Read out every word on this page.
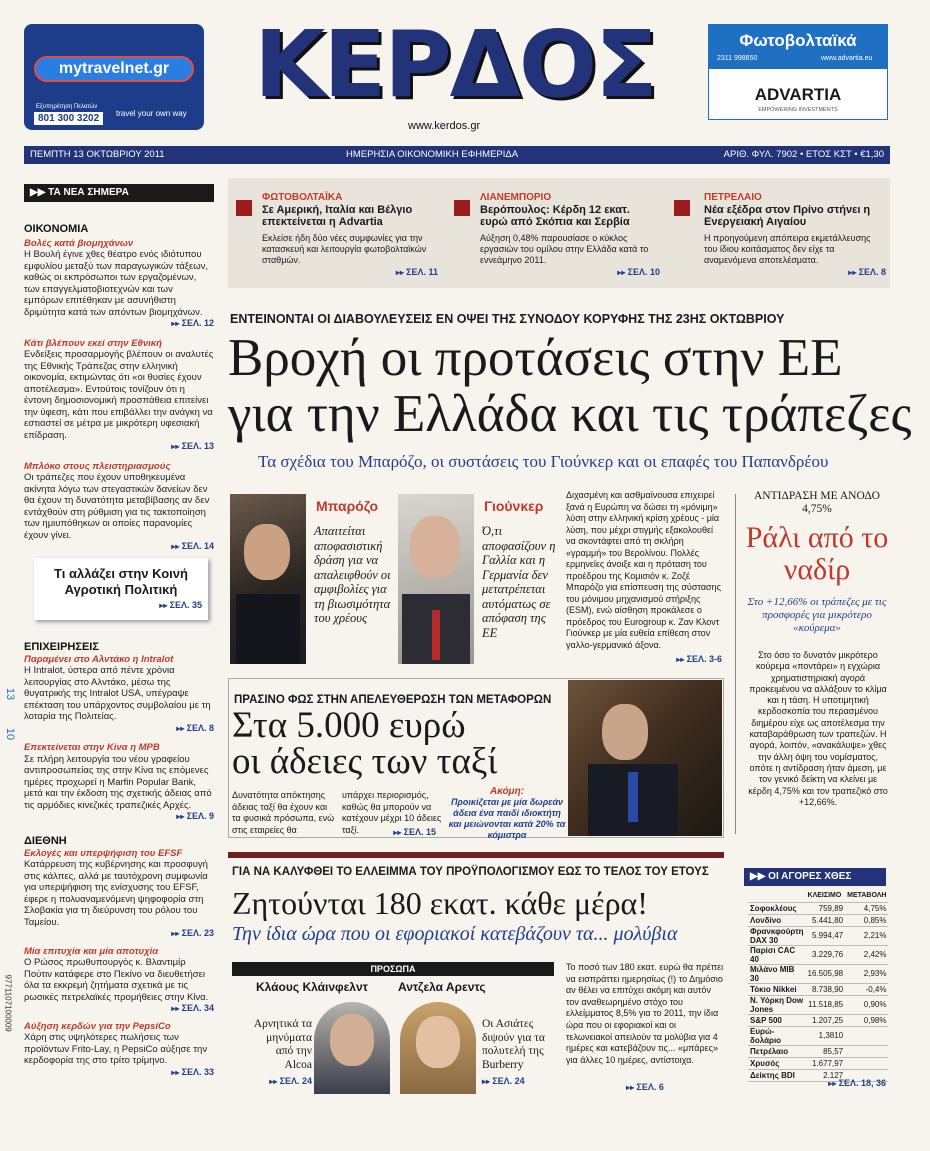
mytravelnet.gr
Εξυπηρέτηση Πελατών
801 300 3202	travel your own way ΚΕΡΔΟΣ
www.kerdos.gr
Φωτοβολταϊκά
2311 998650	www.advartia.eu
ADVARTIA
EMPOWERING INVESTMENTS
ΠΕΜΠΤΗ 13 ΟΚΤΩΒΡΙΟΥ 2011	ΗΜΕΡΗΣΙΑ ΟΙΚΟΝΟΜΙΚΗ ΕΦΗΜΕΡΙΔΑ	ΑΡΙΘ. ΦΥΛ. 7902 • ΕΤΟΣ ΚΣΤ • €1,30
13
10
9771107100009
▶▶ ΤΑ ΝΕΑ ΣΗΜΕΡΑ
ΟΙΚΟΝΟΜΙΑ
Βολές κατά βιομηχάνων
Η Βουλή έγινε χθες θέατρο ενός ιδιότυπου εμφυλίου μεταξύ των παραγωγικών τάξεων, καθώς οι εκπρόσωποι των εργαζομένων, των επαγγελματοβιοτεχνών και των εμπόρων επιτέθηκαν με ασυνήθιστη δριμύτητα κατά των απόντων βιομηχάνων.
▸▸ ΣΕΛ. 12
Κάτι βλέπουν εκεί στην Εθνική
Ενδείξεις προσαρμογής βλέπουν οι αναλυτές της Εθνικής Τράπεζας στην ελληνική οικονομία, εκτιμώντας ότι «οι θυσίες έχουν αποτέλεσμα». Εντούτοις τονίζουν ότι η έντονη δημοσιονομική προσπάθεια επιτείνει την ύφεση, κάτι που επιβάλλει την ανάγκη να εστιαστεί σε μέτρα με μικρότερη υφεσιακή επίδραση.
▸▸ ΣΕΛ. 13
Μπλόκο στους πλειστηριασμούς
Οι τράπεζες που έχουν υποθηκευμένα ακίνητα λόγω των στεγαστικών δανείων δεν θα έχουν τη δυνατότητα μεταβίβασης αν δεν εντάχθούν στη ρύθμιση για τις τακτοποίηση των ημιυπόθηκων οι οποίες παρανομίες έχουν γίνει.
▸▸ ΣΕΛ. 14
Τι αλλάζει στην Κοινή Αγροτική Πολιτική
▸▸ ΣΕΛ. 35
ΕΠΙΧΕΙΡΗΣΕΙΣ
Παραμένει στο Αλντάκο η Intralot
Η Intralot, ύστερα από πέντε χρόνια λειτουργίας στο Αλντάκο, μέσω της θυγατρικής της Intralot USA, υπέγραψε επέκταση του υπάρχοντος συμβολαίου με τη λοταρία της Πολιτείας.
▸▸ ΣΕΛ. 8
Επεκτείνεται στην Κίνα η MPB
Σε πλήρη λειτουργία του νέου γραφείου αντιπροσωπείας της στην Κίνα τις επόμενες ημέρες προχωρεί η Marfin Popular Bank, μετά και την έκδοση της σχετικής άδειας από τις αρμόδιες κινεζικές τραπεζικές Αρχές.
▸▸ ΣΕΛ. 9
ΔΙΕΘΝΗ
Εκλογές και υπερψήφιση του EFSF
Κατάρρευση της κυβέρνησης και προσφυγή στις κάλπες, αλλά με ταυτόχρονη συμφωνία για υπερψήφιση της ενίσχυσης του EFSF, έφερε η πολυαναμενόμενη ψηφοφορία στη Σλοβακία για τη διεύρυνση του ρόλου του Ταμείου.
▸▸ ΣΕΛ. 23
Μία επιτυχία και μία αποτυχία
Ο Ρώσος πρωθυπουργός κ. Βλαντιμίρ Πούτιν κατάφερε στο Πεκίνο να διευθετήσει όλα τα εκκρεμή ζητήματα σχετικά με τις ρωσικές πετρελαϊκές προμήθειες στην Κίνα.
▸▸ ΣΕΛ. 34
Αύξηση κερδών για την PepsiCo
Χάρη στις υψηλότερες πωλήσεις των προϊόντων Frito-Lay, η PepsiCo αύξησε την κερδοφορία της στο τρίτο τρίμηνο.
▸▸ ΣΕΛ. 33
ΦΩΤΟΒΟΛΤΑΪΚΑ
Σε Αμερική, Ιταλία και Βέλγιο επεκτείνεται η Advartia
Εκλείσε ήδη δύο νέες συμφωνίες για την κατασκευή και λειτουργία φωτοβολταϊκών σταθμών.
▸▸ ΣΕΛ. 11
ΛΙΑΝΕΜΠΟΡΙΟ
Βερόπουλος: Κέρδη 12 εκατ. ευρώ από Σκόπια και Σερβία
Αύξηση 0,48% παρουσίασε ο κύκλος εργασιών του ομίλου στην Ελλάδα κατά το εννεάμηνο 2011.
▸▸ ΣΕΛ. 10
ΠΕΤΡΕΛΑΙΟ
Νέα εξέδρα στον Πρίνο στήνει η Ενεργειακή Αιγαίου
Η προηγούμενη απόπειρα εκμετάλλευσης του ίδιου κοιτάσματος δεν είχε τα αναμενόμενα αποτελέσματα.
▸▸ ΣΕΛ. 8
ΕΝΤΕΙΝΟΝΤΑΙ ΟΙ ΔΙΑΒΟΥΛΕΥΣΕΙΣ ΕΝ ΟΨΕΙ ΤΗΣ ΣΥΝΟΔΟΥ ΚΟΡΥΦΗΣ ΤΗΣ 23ΗΣ ΟΚΤΩΒΡΙΟΥ
Βροχή οι προτάσεις στην ΕΕ
για την Ελλάδα και τις τράπεζες
Τα σχέδια του Μπαρόζο, οι συστάσεις του Γιούνκερ και οι επαφές του Παπανδρέου
Μπαρόζο
Απαιτείται αποφασιστική δράση για να απαλειφθούν οι αμφιβολίες για τη βιωσιμότητα του χρέους
Γιούνκερ
Ό,τι αποφασίζουν η Γαλλία και η Γερμανία δεν μετατρέπεται αυτόματως σε απόφαση της ΕΕ
Διχασμένη και ασθμαίνουσα επιχειρεί ξανά η Ευρώπη να δώσει τη «μόνιμη» λύση στην ελληνική κρίση χρέους - μία λύση, που μέχρι στιγμής εξακολουθεί να σκοντάφτει από τη σκλήρη «γραμμή» του Βερολίνου. Πολλές ερμηνείες άνοιξε και η πρόταση του προέδρου της Κομισιόν κ. Ζοζέ Μπαρόζο για επίσπευση της σύστασης του μόνιμου μηχανισμού στήριξης (ESM), ενώ αίσθηση προκάλεσε ο πρόεδρος του Eurogroup κ. Ζαν Κλοντ Γιούνκερ με μία ευθεία επίθεση στον γαλλο-γερμανικό άξονα.
▸▸ ΣΕΛ. 3-6
ΑΝΤΙΔΡΑΣΗ ΜΕ ΑΝΟΔΟ 4,75%
Ράλι από το ναδίρ
Στο +12,66% οι τράπεζες με τις προσφορές για μικρότερο «κούρεμα»
Στο όσο το δυνατόν μικρότερο κούρεμα «ποντάρει» η εγχώρια χρηματιστηριακή αγορά προκειμένου να αλλάξουν το κλίμα και η τάση. Η υποτιμητική κερδοσκοπία του περασμένου διημέρου είχε ως αποτέλεσμα την καταβαράθρωση των τραπεζών. Η αγορά, λοιπόν, «ανακάλυψε» χθες την άλλη όψη του νομίσματος, οπότε η αντίδραση ήταν άμεση, με τον γενικό δείκτη να κλείνει με κέρδη 4,75% και τον τραπεζικό στο +12,66%.
ΠΡΑΣΙΝΟ ΦΩΣ ΣΤΗΝ ΑΠΕΛΕΥΘΕΡΩΣΗ ΤΩΝ ΜΕΤΑΦΟΡΩΝ
Στα 5.000 ευρώ
οι άδειες των ταξί
Δυνατότητα απόκτησης άδειας ταξί θα έχουν και τα φυσικά πρόσωπα, ενώ στις εταιρείες θα
υπάρχει περιορισμός, καθώς θα μπορούν να κατέχουν μέχρι 10 άδειες ταξί.	▸▸ ΣΕΛ. 15
Ακόμη:
Προικίζεται με μία δωρεάν άδεια ένα παιδί ιδιοκτήτη και μειώνονται κατά 20% τα κόμιστρα
ΓΙΑ ΝΑ ΚΑΛΥΦΘΕΙ ΤΟ ΕΛΛΕΙΜΜΑ ΤΟΥ ΠΡΟΫΠΟΛΟΓΙΣΜΟΥ ΕΩΣ ΤΟ ΤΕΛΟΣ ΤΟΥ ΕΤΟΥΣ
Ζητούνται 180 εκατ. κάθε μέρα!
Την ίδια ώρα που οι εφοριακοί κατεβάζουν τα... μολύβια
ΠΡΟΣΩΠΑ
Κλάους Κλάινφελντ
Αρνητικά τα μηνύματα από την Alcoa
▸▸ ΣΕΛ. 24
Αντζελα Αρεντς
Οι Ασιάτες διψούν για τα πολυτελή της Burberry
▸▸ ΣΕΛ. 24
Το ποσό των 180 εκατ. ευρώ θα πρέπει να εισπράττει ημερησίως (!) το Δημόσιο αν θέλει να επιτύχει ακόμη και αυτόν τον αναθεωρημένο στόχο του ελλείμματος 8,5% για το 2011, την ίδια ώρα που οι εφοριακοί και οι τελωνειακοί απειλούν τα μολύβια για 4 ημέρες και κατεβάζουν τις... «μπάρες» για άλλες 10 ημέρες, αντίστοιχα.
▸▸ ΣΕΛ. 6
▶▶ ΟΙ ΑΓΟΡΕΣ ΧΘΕΣ
	ΚΛΕΙΣΙΜΟ	ΜΕΤΑΒΟΛΗ
Σοφοκλέους	759,89	4,75%
Λονδίνο	5.441,80	0,85%
Φρανκφούρτη DAX 30	5.994,47	2,21%
Παρίσι CAC 40	3.229,76	2,42%
Μιλάνο MIB 30	16.505,98	2,93%
Τόκιο Nikkei	8.738,90	-0,4%
Ν. Υόρκη Dow Jones	11.518,85	0,90%
S&P 500	1.207,25	0,98%
Ευρώ-δολάριο	1,3810	
Πετρέλαιο	85,57	
Χρυσός	1.677,97	
Δείκτης BDI	2.127	
▸▸ ΣΕΛ. 18, 36
